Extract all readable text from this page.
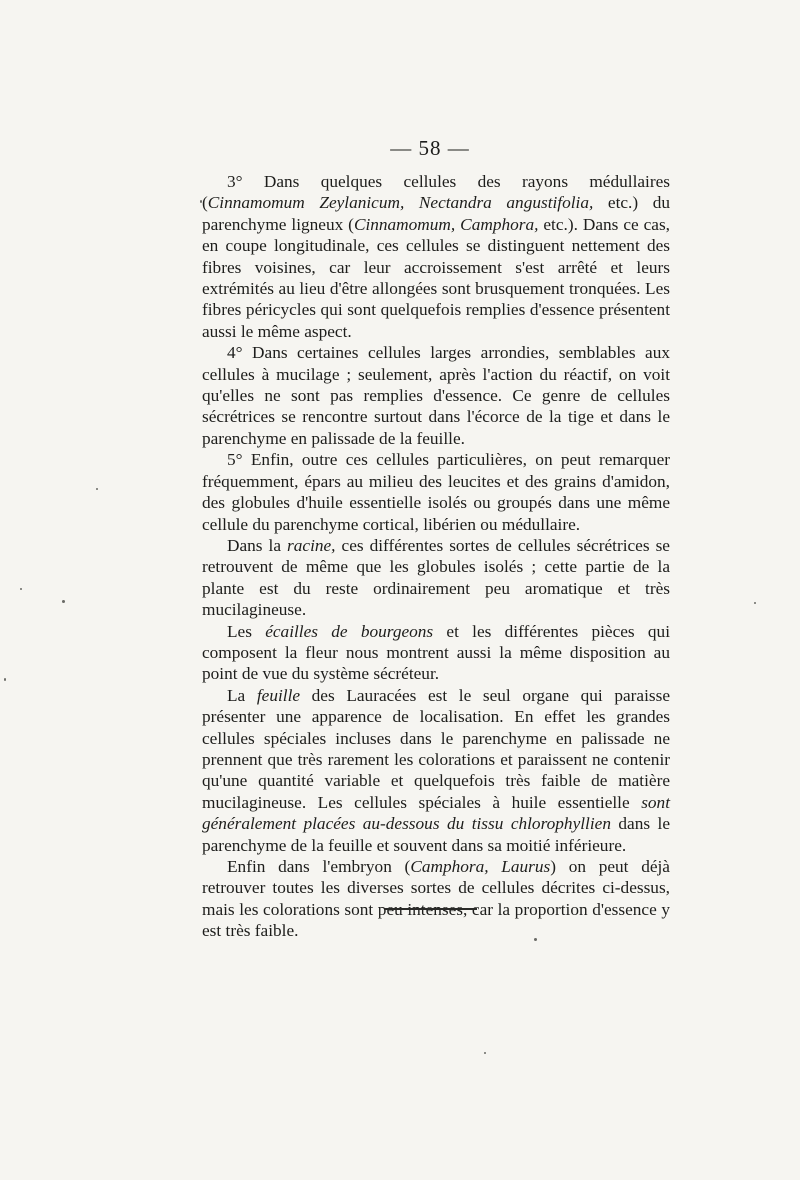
— 58 —

3° Dans quelques cellules des rayons médullaires (Cinnamomum Zeylanicum, Nectandra angustifolia, etc.) du parenchyme ligneux (Cinnamomum, Camphora, etc.). Dans ce cas, en coupe longitudinale, ces cellules se distinguent nettement des fibres voisines, car leur accroissement s'est arrêté et leurs extrémités au lieu d'être allongées sont brusquement tronquées. Les fibres péricycles qui sont quelquefois remplies d'essence présentent aussi le même aspect.

4° Dans certaines cellules larges arrondies, semblables aux cellules à mucilage ; seulement, après l'action du réactif, on voit qu'elles ne sont pas remplies d'essence. Ce genre de cellules sécrétrices se rencontre surtout dans l'écorce de la tige et dans le parenchyme en palissade de la feuille.

5° Enfin, outre ces cellules particulières, on peut remarquer fréquemment, épars au milieu des leucites et des grains d'amidon, des globules d'huile essentielle isolés ou groupés dans une même cellule du parenchyme cortical, libérien ou médullaire.

Dans la racine, ces différentes sortes de cellules sécrétrices se retrouvent de même que les globules isolés ; cette partie de la plante est du reste ordinairement peu aromatique et très mucilagineuse.

Les écailles de bourgeons et les différentes pièces qui composent la fleur nous montrent aussi la même disposition au point de vue du système sécréteur.

La feuille des Lauracées est le seul organe qui paraisse présenter une apparence de localisation. En effet les grandes cellules spéciales incluses dans le parenchyme en palissade ne prennent que très rarement les colorations et paraissent ne contenir qu'une quantité variable et quelquefois très faible de matière mucilagineuse. Les cellules spéciales à huile essentielle sont généralement placées au-dessous du tissu chlorophyllien dans le parenchyme de la feuille et souvent dans sa moitié inférieure.

Enfin dans l'embryon (Camphora, Laurus) on peut déjà retrouver toutes les diverses sortes de cellules décrites ci-dessus, mais les colorations sont peu intenses, car la proportion d'essence y est très faible.
